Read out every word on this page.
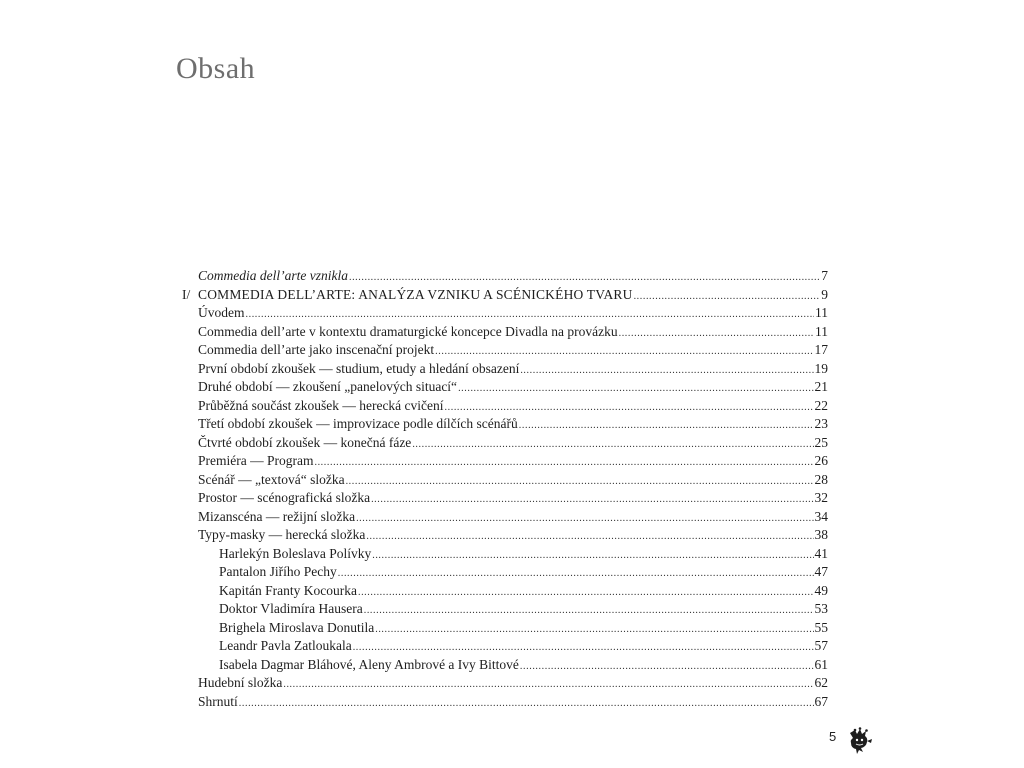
Obsah
Commedia dell’arte vznikla .....	7
I/ COMMEDIA DELL’ARTE: ANALÝZA VZNIKU A SCÉNICKÉHO TVARU .....	9
Úvodem .....	11
Commedia dell’arte v kontextu dramaturgické koncepce Divadla na provázku .....	11
Commedia dell’arte jako inscenační projekt .....	17
První období zkoušek — studium, etudy a hledání obsazení .....	19
Druhé období — zkoušení „panelových situací“ .....	21
Průběžná součást zkoušek — herecká cvičení .....	22
Třetí období zkoušek — improvizace podle dílčích scénářů .....	23
Čtvrté období zkoušek — konečná fáze .....	25
Premiéra — Program .....	26
Scénář — „textová“ složka .....	28
Prostor — scénografická složka .....	32
Mizanscéna — režijní složka .....	34
Typy-masky — herecká složka .....	38
Harlekýn Boleslava Polívky .....	41
Pantalon Jiřího Pechy .....	47
Kapitán Franty Kocourka .....	49
Doktor Vladimíra Hausera .....	53
Brighela Miroslava Donutila .....	55
Leandr Pavla Zatloukala .....	57
Isabela Dagmar Bláhové, Aleny Ambrové a Ivy Bittové .....	61
Hudební složka .....	62
Shrnutí .....	67
5
